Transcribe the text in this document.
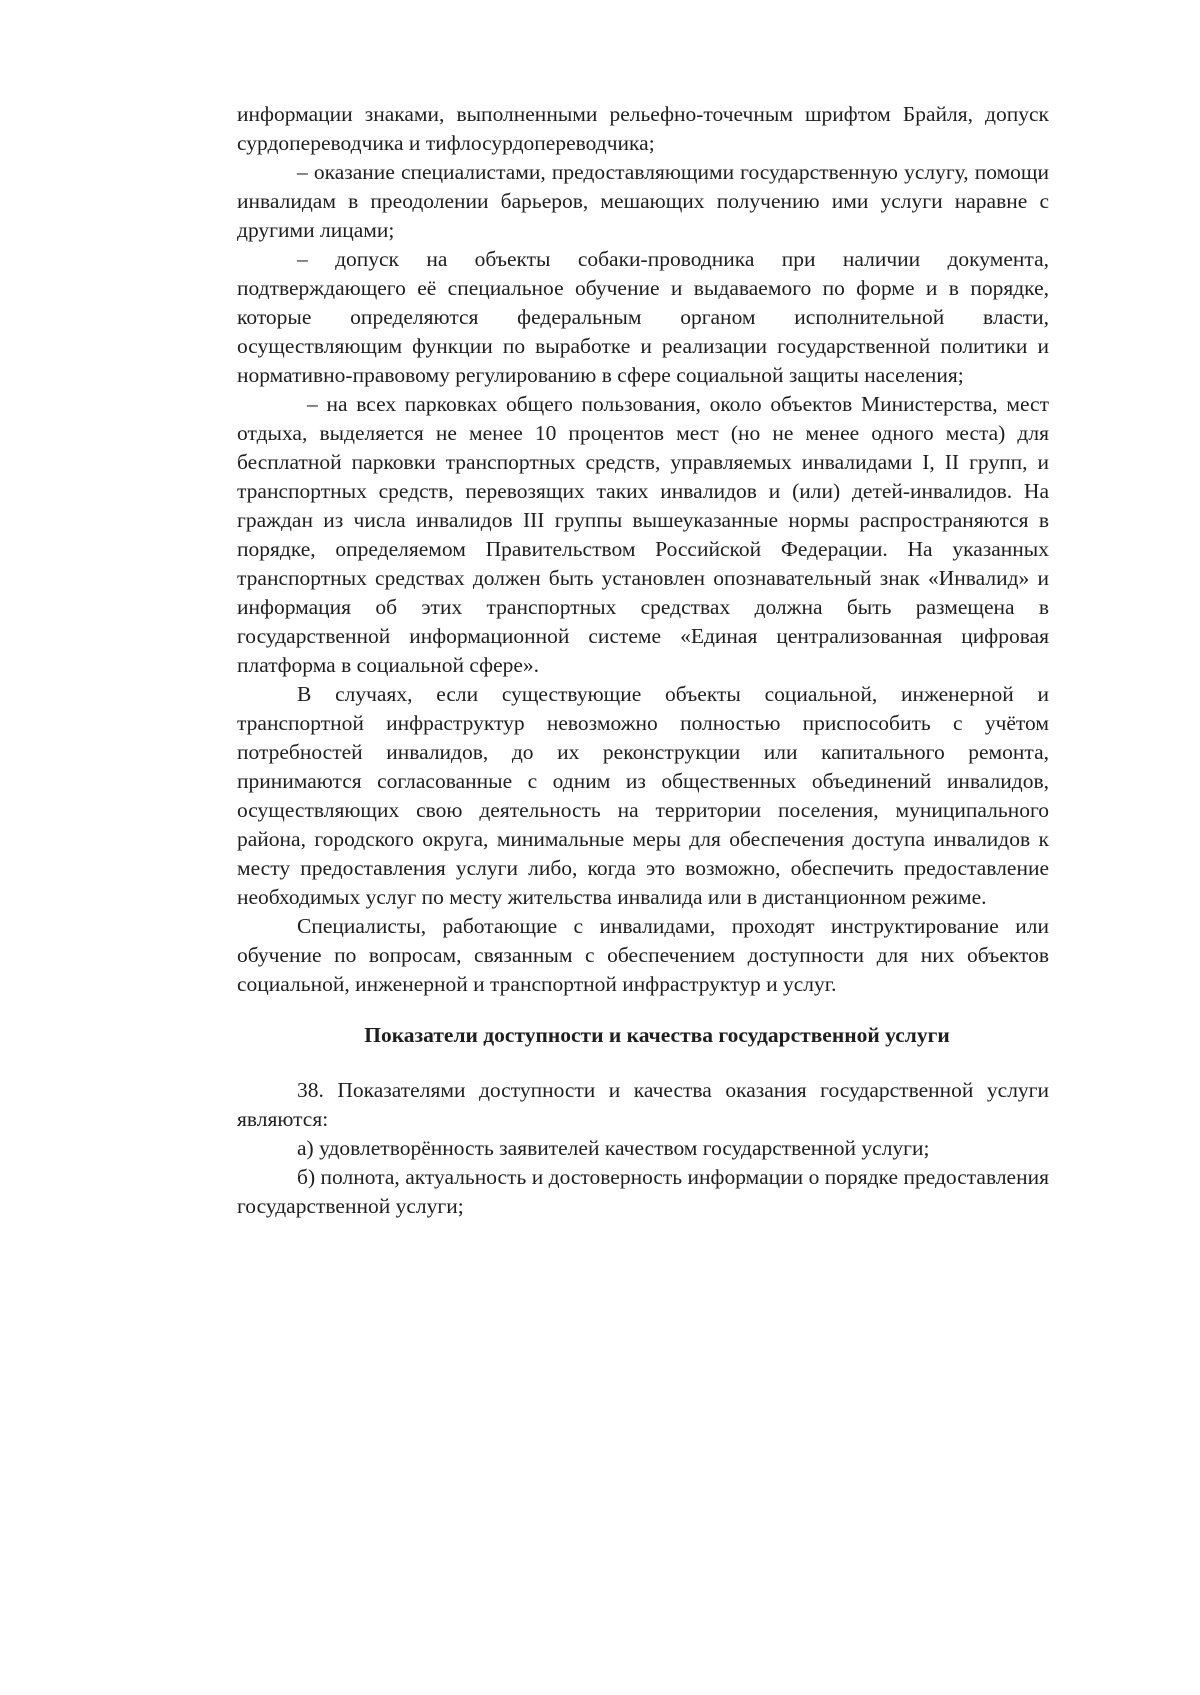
информации знаками, выполненными рельефно-точечным шрифтом Брайля, допуск сурдопереводчика и тифлосурдопереводчика;

– оказание специалистами, предоставляющими государственную услугу, помощи инвалидам в преодолении барьеров, мешающих получению ими услуги наравне с другими лицами;

– допуск на объекты собаки-проводника при наличии документа, подтверждающего её специальное обучение и выдаваемого по форме и в порядке, которые определяются федеральным органом исполнительной власти, осуществляющим функции по выработке и реализации государственной политики и нормативно-правовому регулированию в сфере социальной защиты населения;

– на всех парковках общего пользования, около объектов Министерства, мест отдыха, выделяется не менее 10 процентов мест (но не менее одного места) для бесплатной парковки транспортных средств, управляемых инвалидами I, II групп, и транспортных средств, перевозящих таких инвалидов и (или) детей-инвалидов. На граждан из числа инвалидов III группы вышеуказанные нормы распространяются в порядке, определяемом Правительством Российской Федерации. На указанных транспортных средствах должен быть установлен опознавательный знак «Инвалид» и информация об этих транспортных средствах должна быть размещена в государственной информационной системе «Единая централизованная цифровая платформа в социальной сфере».

В случаях, если существующие объекты социальной, инженерной и транспортной инфраструктур невозможно полностью приспособить с учётом потребностей инвалидов, до их реконструкции или капитального ремонта, принимаются согласованные с одним из общественных объединений инвалидов, осуществляющих свою деятельность на территории поселения, муниципального района, городского округа, минимальные меры для обеспечения доступа инвалидов к месту предоставления услуги либо, когда это возможно, обеспечить предоставление необходимых услуг по месту жительства инвалида или в дистанционном режиме.

Специалисты, работающие с инвалидами, проходят инструктирование или обучение по вопросам, связанным с обеспечением доступности для них объектов социальной, инженерной и транспортной инфраструктур и услуг.

Показатели доступности и качества государственной услуги

38. Показателями доступности и качества оказания государственной услуги являются:

а) удовлетворённость заявителей качеством государственной услуги;

б) полнота, актуальность и достоверность информации о порядке предоставления государственной услуги;
